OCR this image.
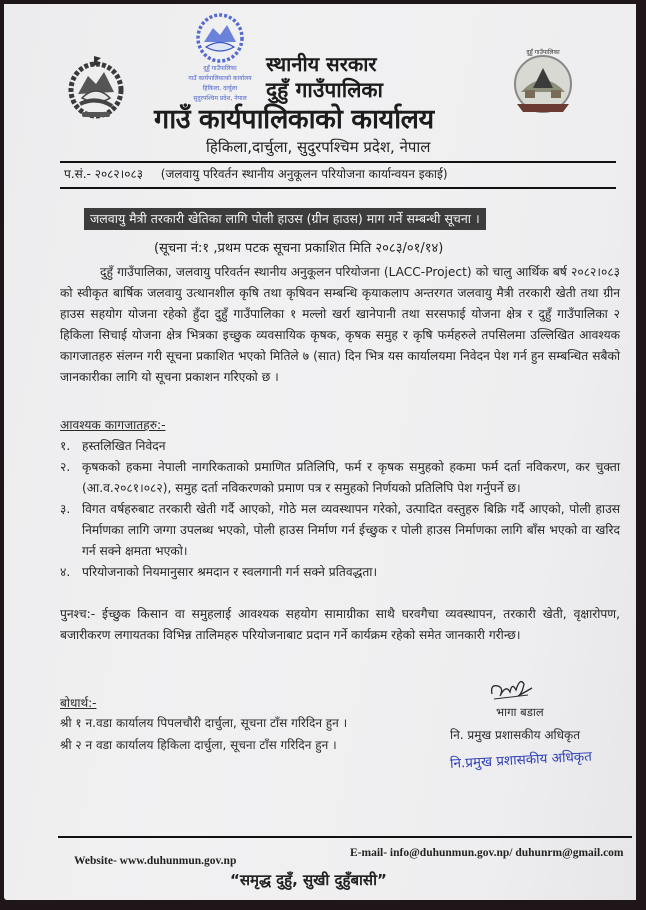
दुहुँ गाउँपालिका
गाउँ कार्यपालिकाको कार्यालय
हिकिला, दार्चुला
सुदुरपश्चिम प्रदेश, नेपाल
दुहुँ गाउँपालिका
स्थानीय सरकार
दुहुँ गाउँपालिका
गाउँ कार्यपालिकाको कार्यालय
हिकिला,दार्चुला, सुदुरपश्चिम प्रदेश, नेपाल
प.सं.- २०८२।०८३ (जलवायु परिवर्तन स्थानीय अनुकूलन परियोजना कार्यान्वयन इकाई)
जलवायु मैत्री तरकारी खेतिका लागि पोली हाउस (ग्रीन हाउस) माग गर्ने सम्बन्धी सूचना ।
(सूचना नं:१ ,प्रथम पटक सूचना प्रकाशित मिति २०८३/०१/१४)
दुहुँ गाउँपालिका, जलवायु परिवर्तन स्थानीय अनुकूलन परियोजना (LACC-Project) को चालु आर्थिक बर्ष २०८२।०८३ को स्वीकृत बार्षिक जलवायु उत्थानशील कृषि तथा कृषिवन सम्बन्धि कृयाकलाप अन्तरगत जलवायु मैत्री तरकारी खेती तथा ग्रीन हाउस सहयोग योजना रहेको हुँदा दुहुँ गाउँपालिका १ मल्लो खर्रा खानेपानी तथा सरसफाई योजना क्षेत्र र दुहुँ गाउँपालिका २ हिकिला सिचाई योजना क्षेत्र भित्रका इच्छुक व्यवसायिक कृषक, कृषक समुह र कृषि फर्महरुले तपसिलमा उल्लिखित आवश्यक कागजातहरु संलग्न गरी सूचना प्रकाशित भएको मितिले ७ (सात) दिन भित्र यस कार्यालयमा निवेदन पेश गर्न हुन सम्बन्धित सबैको जानकारीका लागि यो सूचना प्रकाशन गरिएको छ ।
आवश्यक कागजातहरु:-
१. हस्तलिखित निवेदन
२. कृषकको हकमा नेपाली नागरिकताको प्रमाणित प्रतिलिपि, फर्म र कृषक समुहको हकमा फर्म दर्ता नविकरण, कर चुक्ता (आ.व.२०८१।०८२), समुह दर्ता नविकरणको प्रमाण पत्र र समुहको निर्णयको प्रतिलिपि पेश गर्नुपर्ने छ।
३. विगत वर्षहरुबाट तरकारी खेती गर्दै आएको, गोठे मल व्यवस्थापन गरेको, उत्पादित वस्तुहरु बिक्रि गर्दै आएको, पोली हाउस निर्माणका लागि जग्गा उपलब्ध भएको, पोली हाउस निर्माण गर्न ईच्छुक र पोली हाउस निर्माणका लागि बाँस भएको वा खरिद गर्न सक्ने क्षमता भएको।
४. परियोजनाको नियमानुसार श्रमदान र स्वलगानी गर्न सक्ने प्रतिवद्धता।
पुनश्च:- ईच्छुक किसान वा समुहलाई आवश्यक सहयोग सामाग्रीका साथै घरवगैचा व्यवस्थापन, तरकारी खेती, वृक्षारोपण, बजारीकरण लगायतका विभिन्न तालिमहरु परियोजनाबाट प्रदान गर्ने कार्यक्रम रहेको समेत जानकारी गरीन्छ।
बोधार्थ:-
श्री १ न.वडा कार्यालय पिपलचौरी दार्चुला, सूचना टाँस गरिदिन हुन ।
श्री २ न वडा कार्यालय हिकिला दार्चुला, सूचना टाँस गरिदिन हुन ।
भागा बडाल
नि. प्रमुख प्रशासकीय अधिकृत
नि.प्रमुख प्रशासकीय अधिकृत
Website- www.duhunmun.gov.np
E-mail- info@duhunmun.gov.np/ duhunrm@gmail.com
“समृद्ध दुहुँ, सुखी दुहुँबासी”
